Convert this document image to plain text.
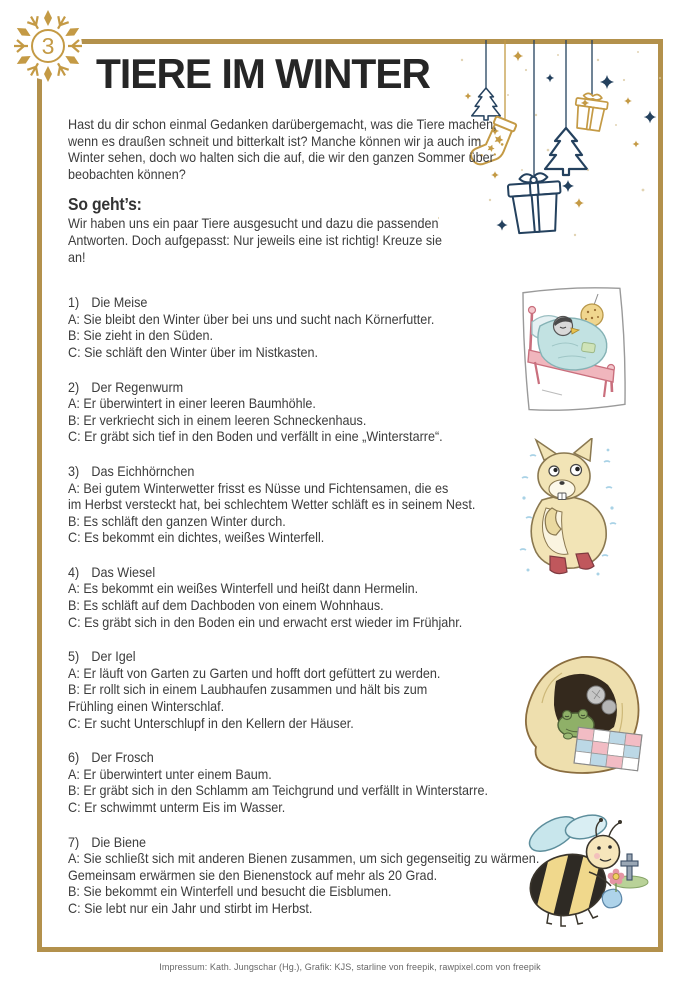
3
TIERE IM WINTER
Hast du dir schon einmal Gedanken darübergemacht, was die Tiere machen,
wenn es draußen schneit und bitterkalt ist? Manche können wir ja auch im
Winter sehen, doch wo halten sich die auf, die wir den ganzen Sommer über
beobachten können?
So geht’s:
Wir haben uns ein paar Tiere ausgesucht und dazu die passenden
Antworten. Doch aufgepasst: Nur jeweils eine ist richtig! Kreuze sie
an!
1) Die Meise
A: Sie bleibt den Winter über bei uns und sucht nach Körnerfutter.
B: Sie zieht in den Süden.
C: Sie schläft den Winter über im Nistkasten.
2) Der Regenwurm
A: Er überwintert in einer leeren Baumhöhle.
B: Er verkriecht sich in einem leeren Schneckenhaus.
C: Er gräbt sich tief in den Boden und verfällt in eine „Winterstarre“.
3) Das Eichhörnchen
A: Bei gutem Winterwetter frisst es Nüsse und Fichtensamen, die es
im Herbst versteckt hat, bei schlechtem Wetter schläft es in seinem Nest.
B: Es schläft den ganzen Winter durch.
C: Es bekommt ein dichtes, weißes Winterfell.
4) Das Wiesel
A: Es bekommt ein weißes Winterfell und heißt dann Hermelin.
B: Es schläft auf dem Dachboden von einem Wohnhaus.
C: Es gräbt sich in den Boden ein und erwacht erst wieder im Frühjahr.
5) Der Igel
A: Er läuft von Garten zu Garten und hofft dort gefüttert zu werden.
B: Er rollt sich in einem Laubhaufen zusammen und hält bis zum
Frühling einen Winterschlaf.
C: Er sucht Unterschlupf in den Kellern der Häuser.
6) Der Frosch
A: Er überwintert unter einem Baum.
B: Er gräbt sich in den Schlamm am Teichgrund und verfällt in Winterstarre.
C: Er schwimmt unterm Eis im Wasser.
7) Die Biene
A: Sie schließt sich mit anderen Bienen zusammen, um sich gegenseitig zu wärmen.
Gemeinsam erwärmen sie den Bienenstock auf mehr als 20 Grad.
B: Sie bekommt ein Winterfell und besucht die Eisblumen.
C: Sie lebt nur ein Jahr und stirbt im Herbst.
Impressum: Kath. Jungschar (Hg.), Grafik: KJS, starline von freepik, rawpixel.com von freepik
